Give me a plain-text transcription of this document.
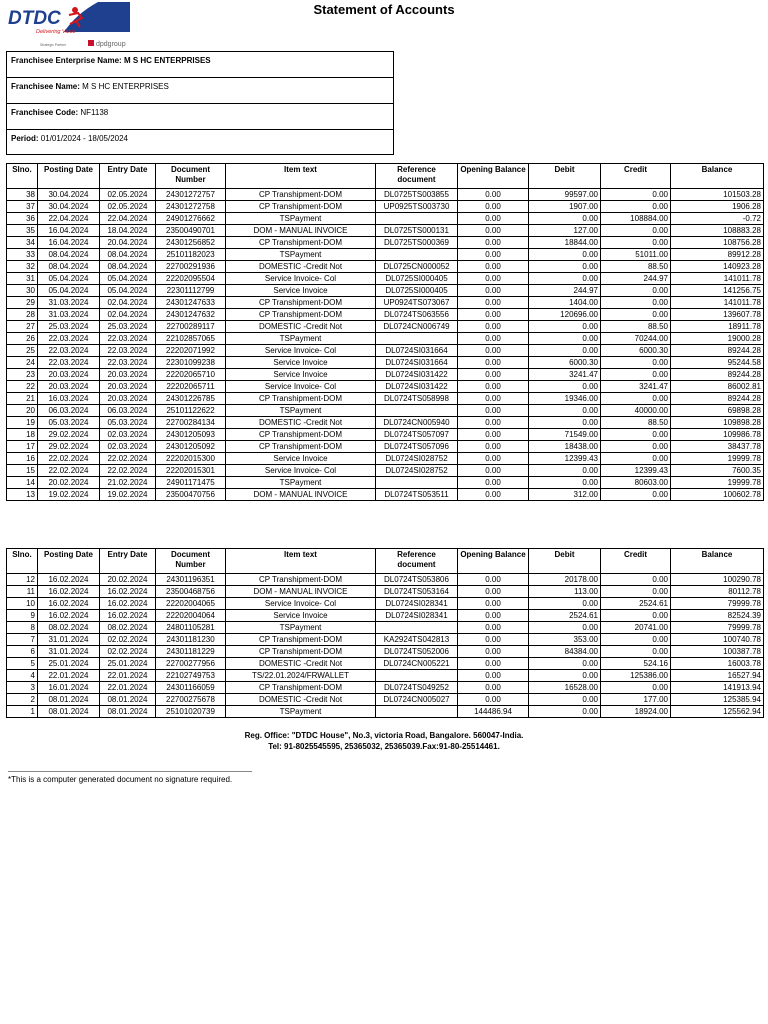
DTDC
Delivering Value
Strategic Partner	dpdgroup
Statement of Accounts
Franchisee Enterprise Name: M S HC ENTERPRISES
Franchisee Name: M S HC ENTERPRISES
Franchisee Code: NF1138
Period: 01/01/2024 - 18/05/2024
Slno.	Posting Date	Entry Date	Document Number	Item text	Reference document	Opening Balance	Debit	Credit	Balance
38	30.04.2024	02.05.2024	24301272757	CP Transhipment-DOM	DL0725TS003855	0.00	99597.00	0.00	101503.28
37	30.04.2024	02.05.2024	24301272758	CP Transhipment-DOM	UP0925TS003730	0.00	1907.00	0.00	1906.28
36	22.04.2024	22.04.2024	24901276662	TSPayment		0.00	0.00	108884.00	-0.72
35	16.04.2024	18.04.2024	23500490701	DOM - MANUAL INVOICE	DL0725TS000131	0.00	127.00	0.00	108883.28
34	16.04.2024	20.04.2024	24301256852	CP Transhipment-DOM	DL0725TS000369	0.00	18844.00	0.00	108756.28
33	08.04.2024	08.04.2024	25101182023	TSPayment		0.00	0.00	51011.00	89912.28
32	08.04.2024	08.04.2024	22700291936	DOMESTIC -Credit Not	DL0725CN000052	0.00	0.00	88.50	140923.28
31	05.04.2024	05.04.2024	22202095504	Service Invoice- Col	DL0725SI000405	0.00	0.00	244.97	141011.78
30	05.04.2024	05.04.2024	22301112799	Service Invoice	DL0725SI000405	0.00	244.97	0.00	141256.75
29	31.03.2024	02.04.2024	24301247633	CP Transhipment-DOM	UP0924TS073067	0.00	1404.00	0.00	141011.78
28	31.03.2024	02.04.2024	24301247632	CP Transhipment-DOM	DL0724TS063556	0.00	120696.00	0.00	139607.78
27	25.03.2024	25.03.2024	22700289117	DOMESTIC -Credit Not	DL0724CN006749	0.00	0.00	88.50	18911.78
26	22.03.2024	22.03.2024	22102857065	TSPayment		0.00	0.00	70244.00	19000.28
25	22.03.2024	22.03.2024	22202071992	Service Invoice- Col	DL0724SI031664	0.00	0.00	6000.30	89244.28
24	22.03.2024	22.03.2024	22301099238	Service Invoice	DL0724SI031664	0.00	6000.30	0.00	95244.58
23	20.03.2024	20.03.2024	22202065710	Service Invoice	DL0724SI031422	0.00	3241.47	0.00	89244.28
22	20.03.2024	20.03.2024	22202065711	Service Invoice- Col	DL0724SI031422	0.00	0.00	3241.47	86002.81
21	16.03.2024	20.03.2024	24301226785	CP Transhipment-DOM	DL0724TS058998	0.00	19346.00	0.00	89244.28
20	06.03.2024	06.03.2024	25101122622	TSPayment		0.00	0.00	40000.00	69898.28
19	05.03.2024	05.03.2024	22700284134	DOMESTIC -Credit Not	DL0724CN005940	0.00	0.00	88.50	109898.28
18	29.02.2024	02.03.2024	24301205093	CP Transhipment-DOM	DL0724TS057097	0.00	71549.00	0.00	109986.78
17	29.02.2024	02.03.2024	24301205092	CP Transhipment-DOM	DL0724TS057096	0.00	18438.00	0.00	38437.78
16	22.02.2024	22.02.2024	22202015300	Service Invoice	DL0724SI028752	0.00	12399.43	0.00	19999.78
15	22.02.2024	22.02.2024	22202015301	Service Invoice- Col	DL0724SI028752	0.00	0.00	12399.43	7600.35
14	20.02.2024	21.02.2024	24901171475	TSPayment		0.00	0.00	80603.00	19999.78
13	19.02.2024	19.02.2024	23500470756	DOM - MANUAL INVOICE	DL0724TS053511	0.00	312.00	0.00	100602.78
Slno.	Posting Date	Entry Date	Document Number	Item text	Reference document	Opening Balance	Debit	Credit	Balance
12	16.02.2024	20.02.2024	24301196351	CP Transhipment-DOM	DL0724TS053806	0.00	20178.00	0.00	100290.78
11	16.02.2024	16.02.2024	23500468756	DOM - MANUAL INVOICE	DL0724TS053164	0.00	113.00	0.00	80112.78
10	16.02.2024	16.02.2024	22202004065	Service Invoice- Col	DL0724SI028341	0.00	0.00	2524.61	79999.78
9	16.02.2024	16.02.2024	22202004064	Service Invoice	DL0724SI028341	0.00	2524.61	0.00	82524.39
8	08.02.2024	08.02.2024	24801105281	TSPayment		0.00	0.00	20741.00	79999.78
7	31.01.2024	02.02.2024	24301181230	CP Transhipment-DOM	KA2924TS042813	0.00	353.00	0.00	100740.78
6	31.01.2024	02.02.2024	24301181229	CP Transhipment-DOM	DL0724TS052006	0.00	84384.00	0.00	100387.78
5	25.01.2024	25.01.2024	22700277956	DOMESTIC -Credit Not	DL0724CN005221	0.00	0.00	524.16	16003.78
4	22.01.2024	22.01.2024	22102749753	TS/22.01.2024/FRWALLET		0.00	0.00	125386.00	16527.94
3	16.01.2024	22.01.2024	24301166059	CP Transhipment-DOM	DL0724TS049252	0.00	16528.00	0.00	141913.94
2	08.01.2024	08.01.2024	22700275678	DOMESTIC -Credit Not	DL0724CN005027	0.00	0.00	177.00	125385.94
1	08.01.2024	08.01.2024	25101020739	TSPayment		144486.94	0.00	18924.00	125562.94
Reg. Office: "DTDC House", No.3, victoria Road, Bangalore. 560047-India.
Tel: 91-8025545595, 25365032, 25365039.Fax:91-80-25514461.
*This is a computer generated document no signature required.
